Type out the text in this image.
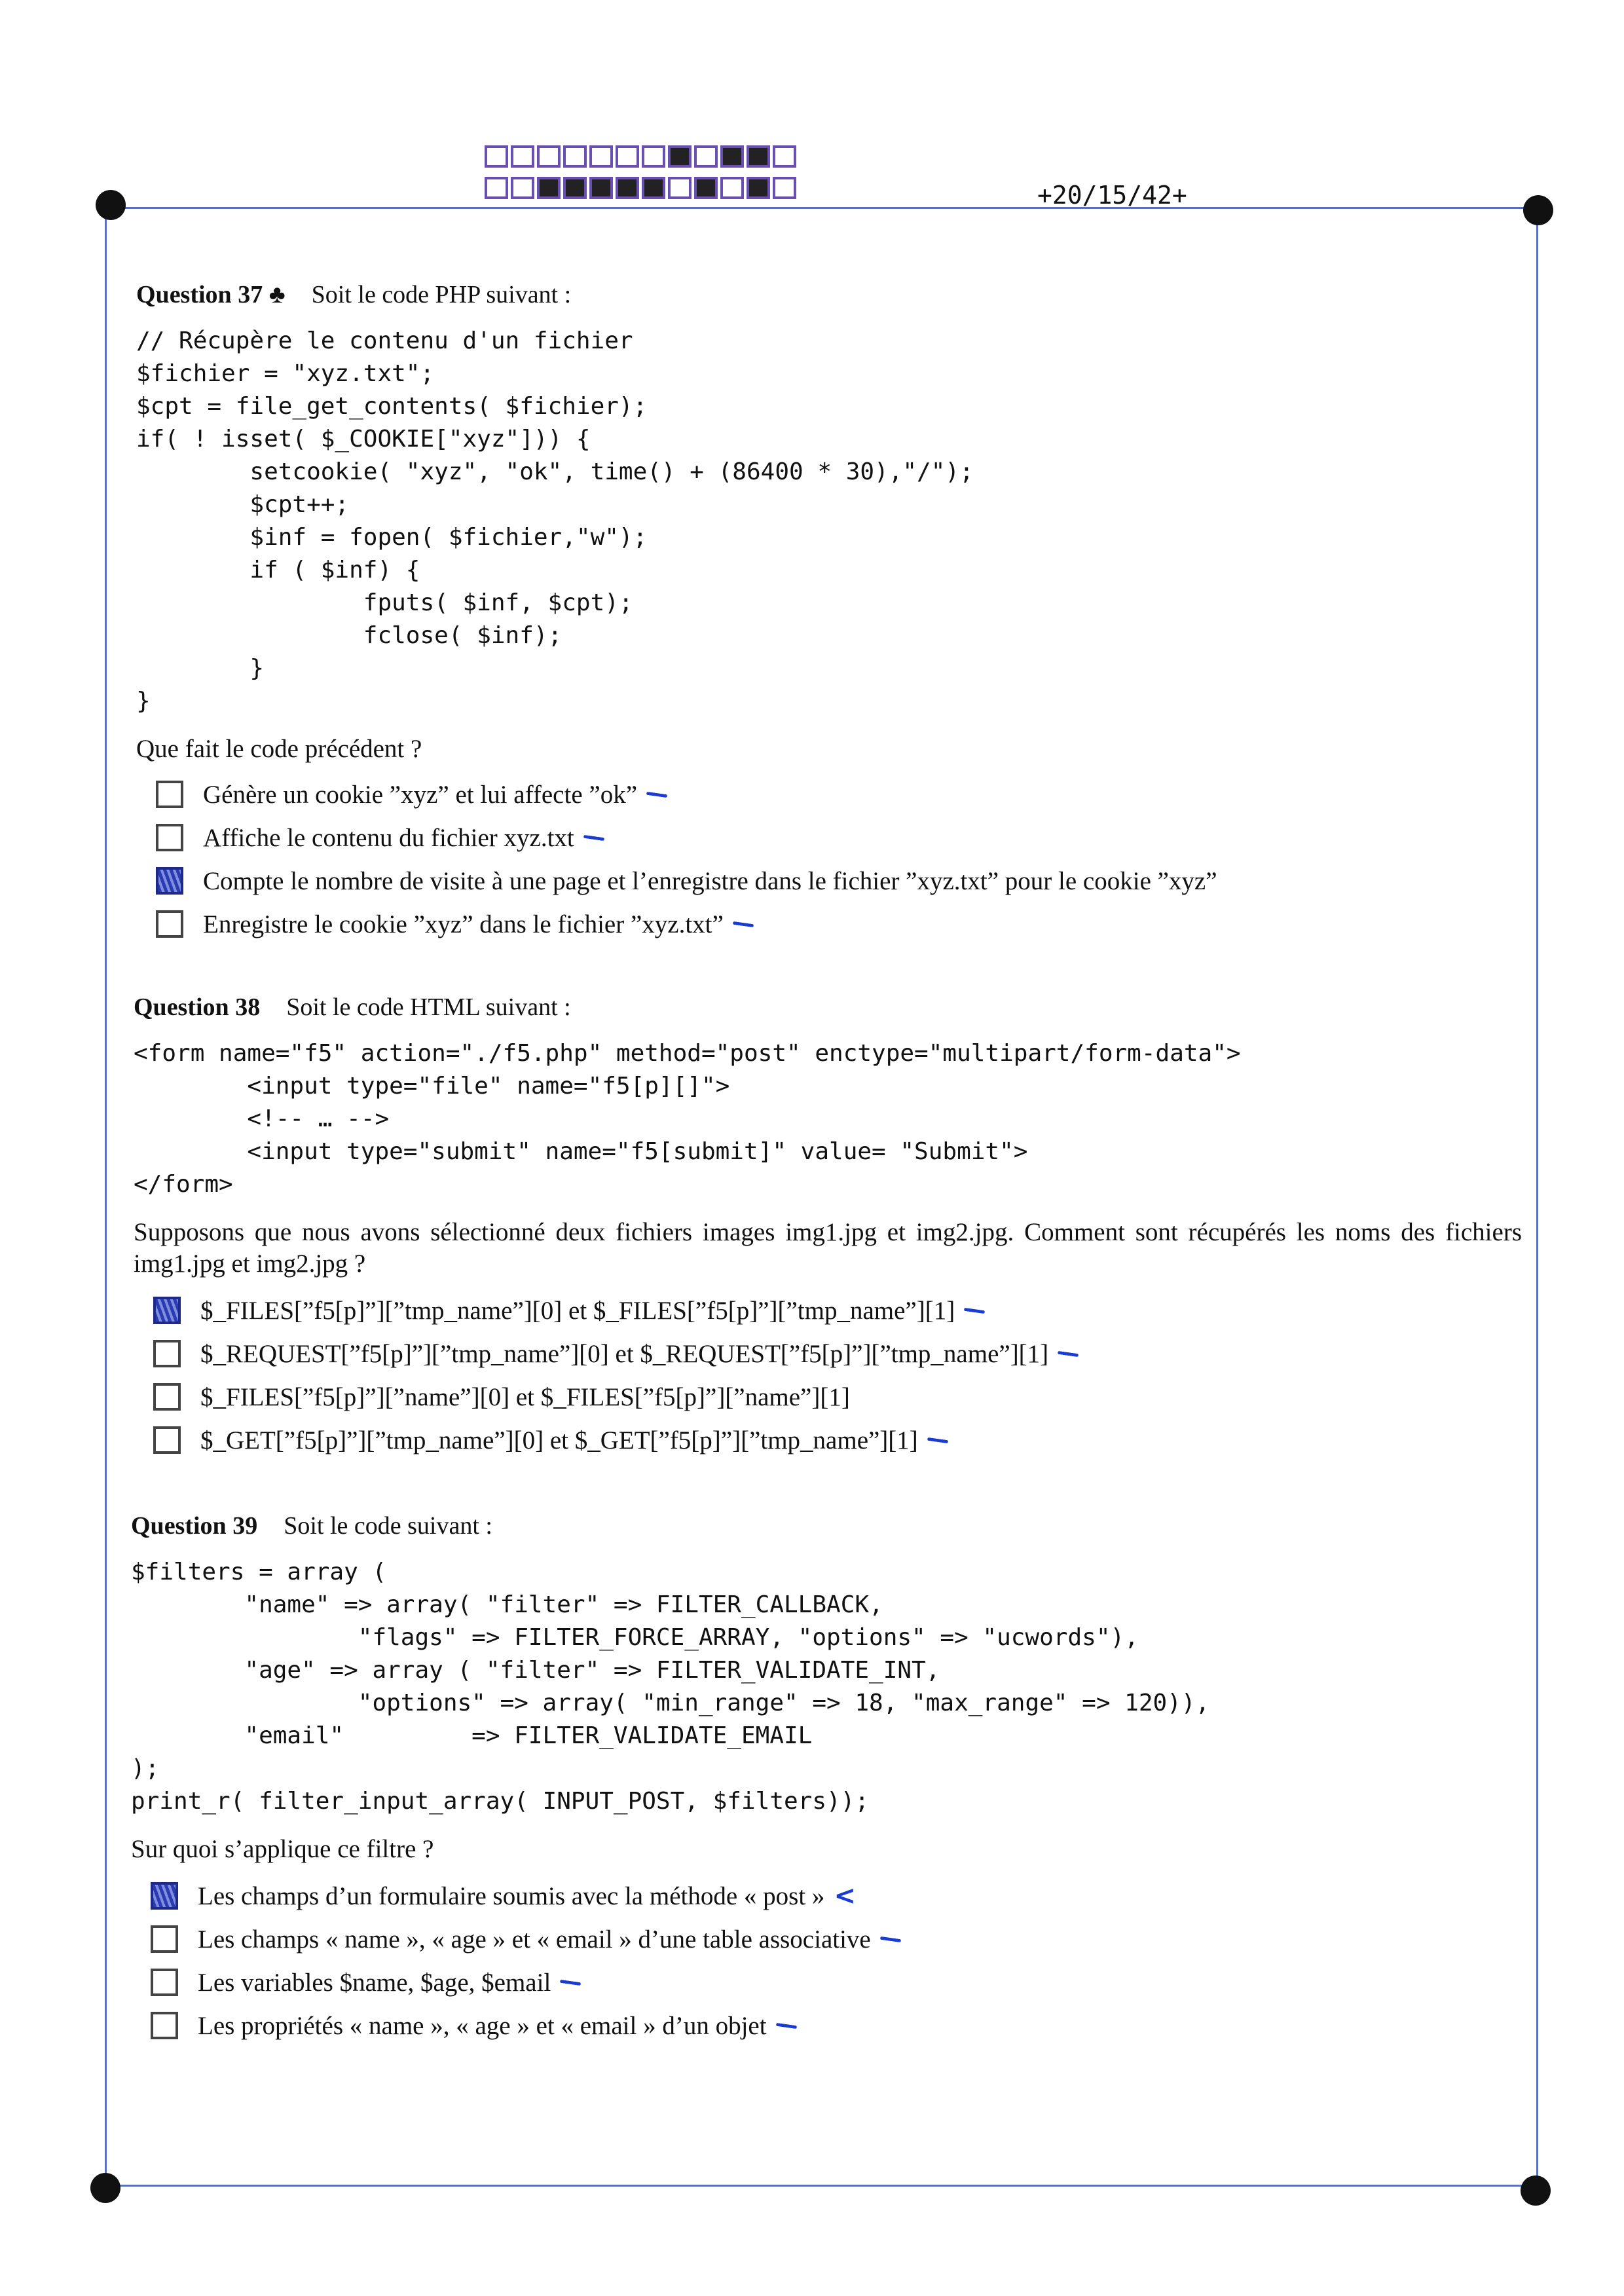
+20/15/42+
Question 37 ♣ Soit le code PHP suivant :
// Récupère le contenu d'un fichier
$fichier = "xyz.txt";
$cpt = file_get_contents( $fichier);
if( ! isset( $_COOKIE["xyz"])) {
setcookie( "xyz", "ok", time() + (86400 * 30),"/");
$cpt++;
$inf = fopen( $fichier,"w");
if ( $inf) {
fputs( $inf, $cpt);
fclose( $inf);
}
}
Que fait le code précédent ?
Génère un cookie ”xyz” et lui affecte ”ok”
Affiche le contenu du fichier xyz.txt
Compte le nombre de visite à une page et l’enregistre dans le fichier ”xyz.txt” pour le cookie ”xyz”
Enregistre le cookie ”xyz” dans le fichier ”xyz.txt”
Question 38 Soit le code HTML suivant :
<form name="f5" action="./f5.php" method="post" enctype="multipart/form-data">
<input type="file" name="f5[p][]">
<!-- … -->
<input type="submit" name="f5[submit]" value= "Submit">
</form>
Supposons que nous avons sélectionné deux fichiers images img1.jpg et img2.jpg. Comment sont récupérés les noms des fichiers img1.jpg et img2.jpg ?
$_FILES[”f5[p]”][”tmp_name”][0] et $_FILES[”f5[p]”][”tmp_name”][1]
$_REQUEST[”f5[p]”][”tmp_name”][0] et $_REQUEST[”f5[p]”][”tmp_name”][1]
$_FILES[”f5[p]”][”name”][0] et $_FILES[”f5[p]”][”name”][1]
$_GET[”f5[p]”][”tmp_name”][0] et $_GET[”f5[p]”][”tmp_name”][1]
Question 39 Soit le code suivant :
$filters = array (
"name" => array( "filter" => FILTER_CALLBACK,
"flags" => FILTER_FORCE_ARRAY, "options" => "ucwords"),
"age" => array ( "filter" => FILTER_VALIDATE_INT,
"options" => array( "min_range" => 18, "max_range" => 120)),
"email"         => FILTER_VALIDATE_EMAIL
);
print_r( filter_input_array( INPUT_POST, $filters));
Sur quoi s’applique ce filtre ?
Les champs d’un formulaire soumis avec la méthode « post » <
Les champs « name », « age » et « email » d’une table associative
Les variables $name, $age, $email
Les propriétés « name », « age » et « email » d’un objet
